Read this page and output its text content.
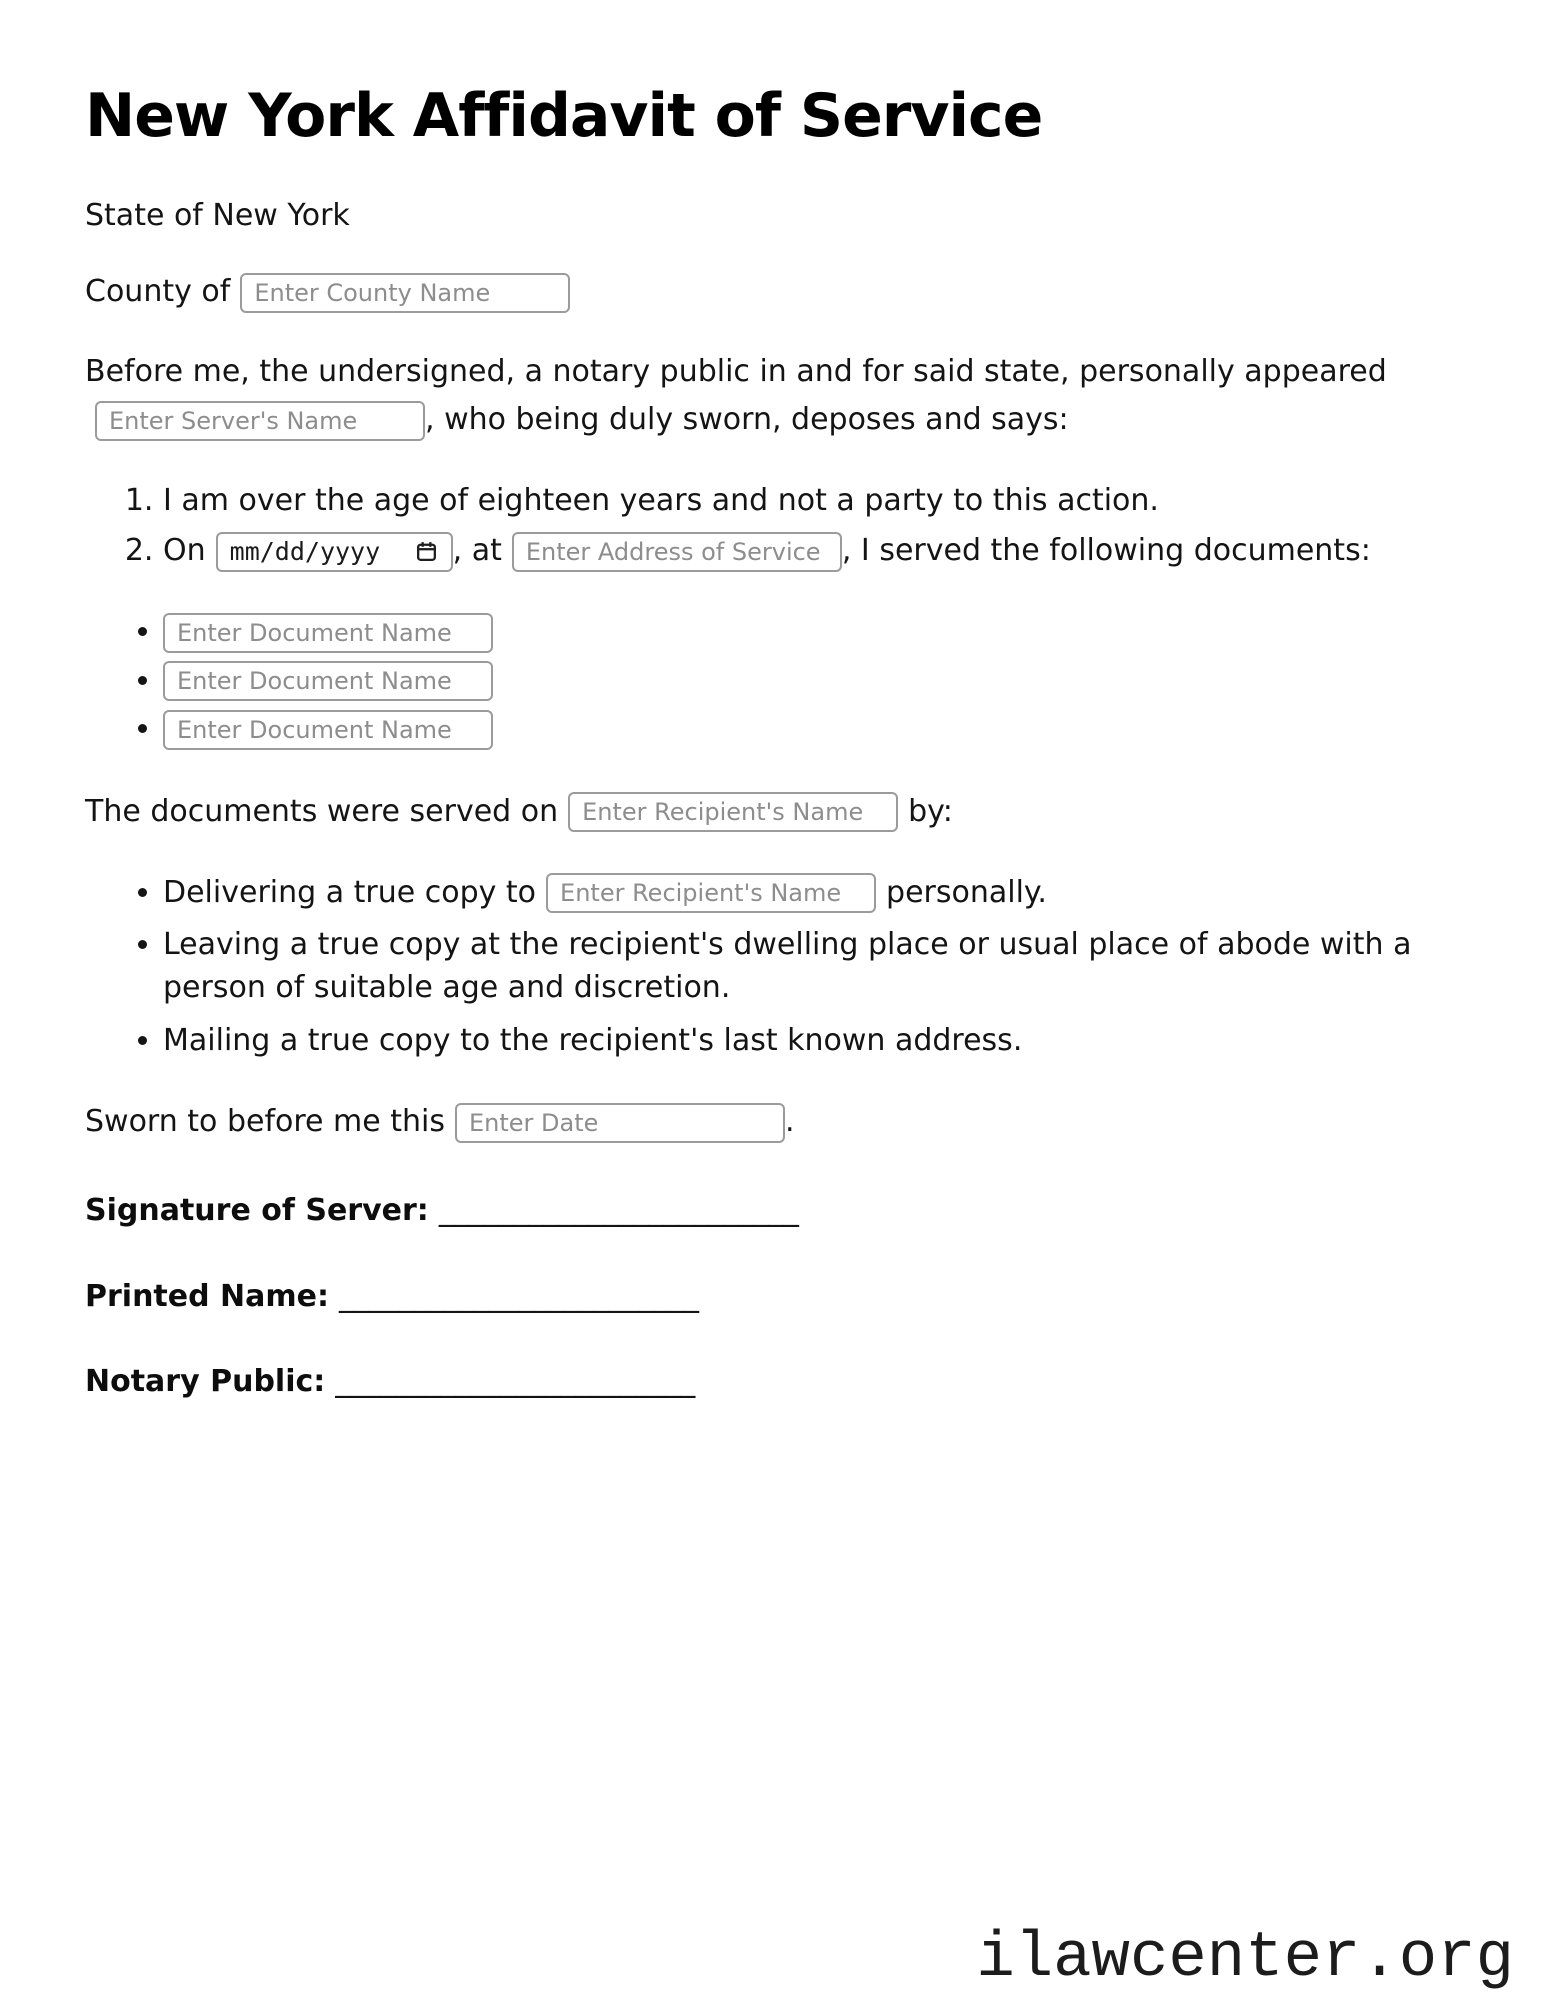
New York Affidavit of Service

State of New York

County ofEnter County Name

Before me, the undersigned, a notary public in and for said state, personally appearedEnter Server's Name, who being duly sworn, deposes and says:

1. I am over the age of eighteen years and not a party to this action.
2. On mm/dd/yyyy , atEnter Address of Service	, I served the following documents:
• Enter Document Name
• Enter Document Name
• Enter Document Name

The documents were served onEnter Recipient's Name	by:

• Delivering a true copy toEnter Recipient's Name	personally.
• Leaving a true copy at the recipient's dwelling place or usual place of abode with a person of suitable age and discretion.
• Mailing a true copy to the recipient's last known address.

Sworn to before me thisEnter Date	.

Signature of Server: ________________________

Printed Name: ________________________

Notary Public: ________________________

ilawcenter.org
